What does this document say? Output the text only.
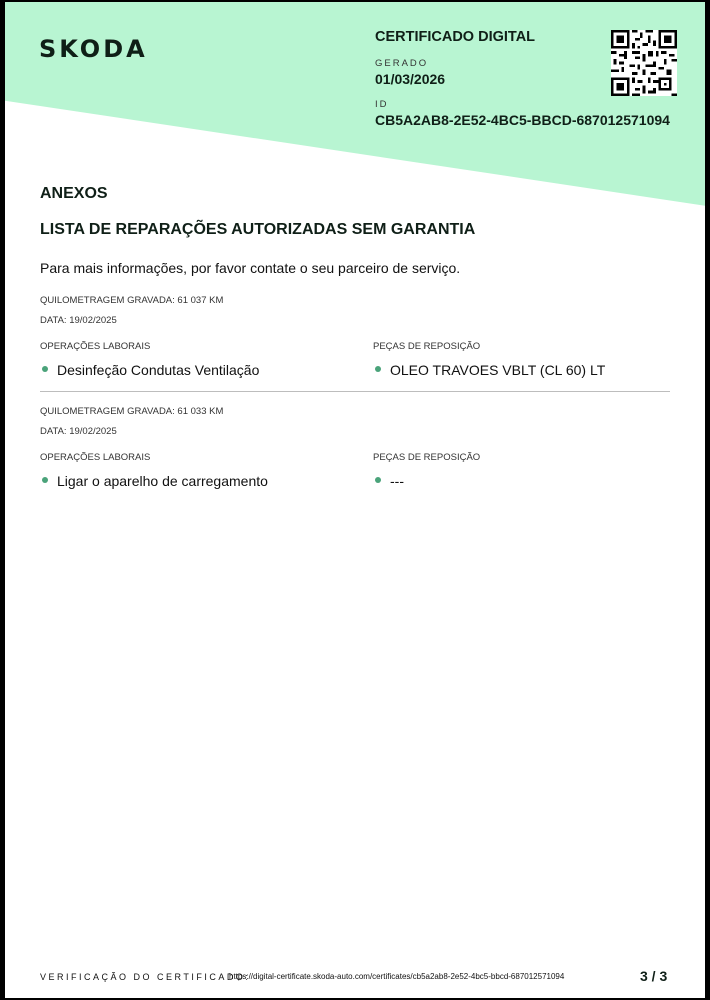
SKODA	CERTIFICADO DIGITAL
GERADO
01/03/2026
ID
CB5A2AB8-2E52-4BC5-BBCD-687012571094
ANEXOS
LISTA DE REPARAÇÕES AUTORIZADAS SEM GARANTIA
Para mais informações, por favor contate o seu parceiro de serviço.
QUILOMETRAGEM GRAVADA: 61 037 KM
DATA: 19/02/2025
OPERAÇÕES LABORAIS	PEÇAS DE REPOSIÇÃO
Desinfeção Condutas Ventilação	OLEO TRAVOES VBLT (CL 60) LT
QUILOMETRAGEM GRAVADA: 61 033 KM
DATA: 19/02/2025
OPERAÇÕES LABORAIS	PEÇAS DE REPOSIÇÃO
Ligar o aparelho de carregamento	---
VERIFICAÇÃO DO CERTIFICADO:
https://digital-certificate.skoda-auto.com/certificates/cb5a2ab8-2e52-4bc5-bbcd-687012571094	3 / 3
